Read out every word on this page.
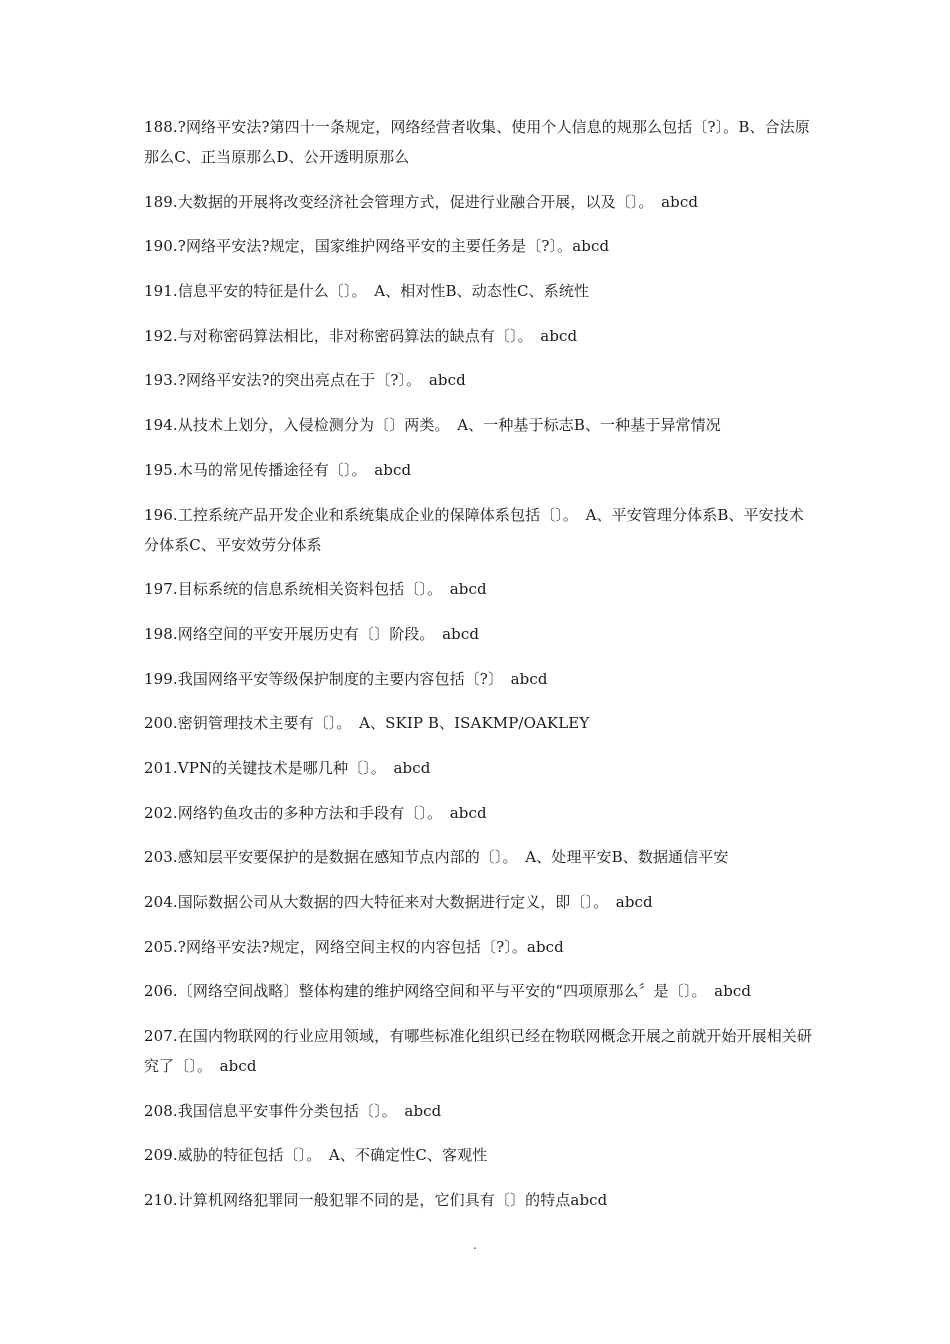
188.?网络平安法?第四十一条规定，网络经营者收集、使用个人信息的规那么包括〔?〕。B、合法原那么C、正当原那么D、公开透明原那么

189.大数据的开展将改变经济社会管理方式，促进行业融合开展，以及〔〕。　abcd

190.?网络平安法?规定，国家维护网络平安的主要任务是〔?〕。abcd

191.信息平安的特征是什么〔〕。　A、相对性B、动态性C、系统性

192.与对称密码算法相比，非对称密码算法的缺点有〔〕。　abcd

193.?网络平安法?的突出亮点在于〔?〕。　abcd

194.从技术上划分，入侵检测分为〔〕两类。　A、一种基于标志B、一种基于异常情况

195.木马的常见传播途径有〔〕。　abcd

196.工控系统产品开发企业和系统集成企业的保障体系包括〔〕。　A、平安管理分体系B、平安技术分体系C、平安效劳分体系

197.目标系统的信息系统相关资料包括〔〕。　abcd

198.网络空间的平安开展历史有〔〕阶段。　abcd

199.我国网络平安等级保护制度的主要内容包括〔?〕　abcd

200.密钥管理技术主要有〔〕。　A、SKIP B、ISAKMP/OAKLEY

201.VPN的关键技术是哪几种〔〕。　abcd

202.网络钓鱼攻击的多种方法和手段有〔〕。　abcd

203.感知层平安要保护的是数据在感知节点内部的〔〕。　A、处理平安B、数据通信平安

204.国际数据公司从大数据的四大特征来对大数据进行定义，即〔〕。　abcd

205.?网络平安法?规定，网络空间主权的内容包括〔?〕。abcd

206.〔网络空间战略〕整体构建的维护网络空间和平与平安的“四项原那么〞是〔〕。　abcd

207.在国内物联网的行业应用领域，有哪些标准化组织已经在物联网概念开展之前就开始开展相关研究了〔〕。　abcd

208.我国信息平安事件分类包括〔〕。　abcd

209.威胁的特征包括〔〕。　A、不确定性C、客观性

210.计算机网络犯罪同一般犯罪不同的是，它们具有〔〕的特点abcd

.
